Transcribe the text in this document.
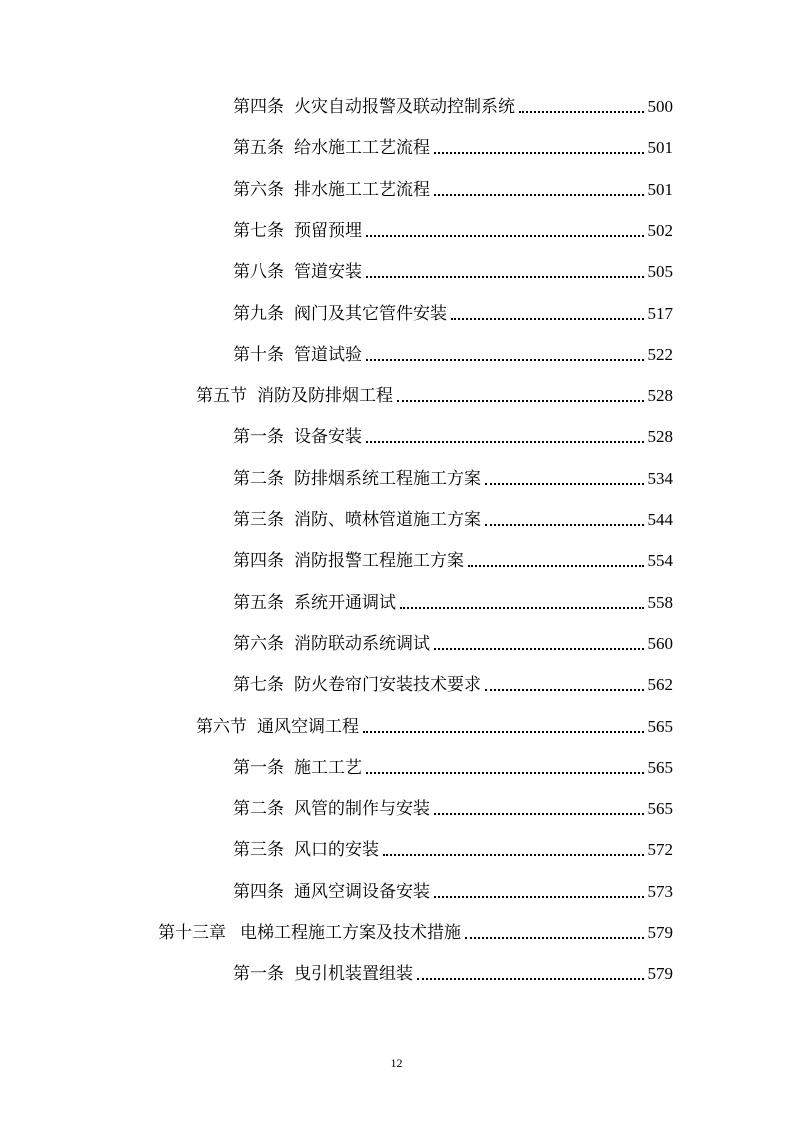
第四条 火灾自动报警及联动控制系统	500
第五条 给水施工工艺流程	501
第六条 排水施工工艺流程	501
第七条 预留预埋	502
第八条 管道安装	505
第九条 阀门及其它管件安装	517
第十条 管道试验	522
第五节 消防及防排烟工程	528
第一条 设备安装	528
第二条 防排烟系统工程施工方案	534
第三条 消防、喷林管道施工方案	544
第四条 消防报警工程施工方案	554
第五条 系统开通调试	558
第六条 消防联动系统调试	560
第七条 防火卷帘门安装技术要求	562
第六节 通风空调工程	565
第一条 施工工艺	565
第二条 风管的制作与安装	565
第三条 风口的安装	572
第四条 通风空调设备安装	573
第十三章 电梯工程施工方案及技术措施	579
第一条 曳引机装置组装	579
12
